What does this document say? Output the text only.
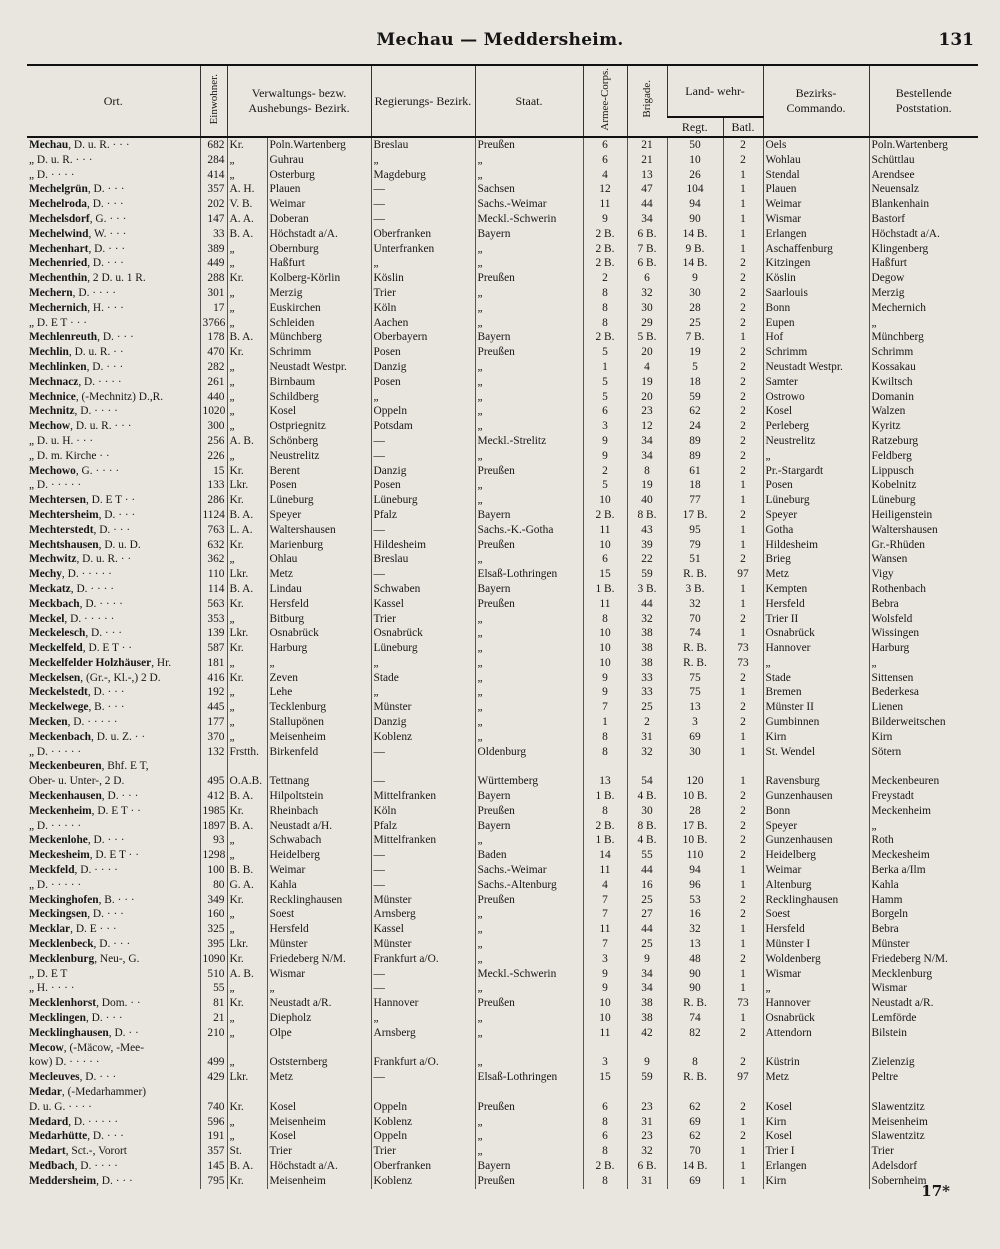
Mechau — Meddersheim.	131
Ort.	Einwohner.	Verwaltungs- bezw. Aushebungs- Bezirk.		Regierungs- Bezirk.	Staat.	Armee-Corps.	Brigade.	Land- wehr-		Bezirks- Commando.	Bestellende Poststation.
								Regt.	Batl.		
Mechau, D. u. R. · · ·	682	Kr.	Poln.Wartenberg	Breslau	Preußen	6	21	50	2	Oels	Poln.Wartenberg
„ D. u. R. · · ·	284	„	Guhrau	„	„	6	21	10	2	Wohlau	Schüttlau
„ D. · · · ·	414	„	Osterburg	Magdeburg	„	4	13	26	1	Stendal	Arendsee
Mechelgrün, D. · · ·	357	A. H.	Plauen	—	Sachsen	12	47	104	1	Plauen	Neuensalz
Mechelroda, D. · · ·	202	V. B.	Weimar	—	Sachs.-Weimar	11	44	94	1	Weimar	Blankenhain
Mechelsdorf, G. · · ·	147	A. A.	Doberan	—	Meckl.-Schwerin	9	34	90	1	Wismar	Bastorf
Mechelwind, W. · · ·	33	B. A.	Höchstadt a/A.	Oberfranken	Bayern	2 B.	6 B.	14 B.	1	Erlangen	Höchstadt a/A.
Mechenhart, D. · · ·	389	„	Obernburg	Unterfranken	„	2 B.	7 B.	9 B.	1	Aschaffenburg	Klingenberg
Mechenried, D. · · ·	449	„	Haßfurt	„	„	2 B.	6 B.	14 B.	2	Kitzingen	Haßfurt
Mechenthin, 2 D. u. 1 R.	288	Kr.	Kolberg-Körlin	Köslin	Preußen	2	6	9	2	Köslin	Degow
Mechern, D. · · · ·	301	„	Merzig	Trier	„	8	32	30	2	Saarlouis	Merzig
Mechernich, H. · · ·	17	„	Euskirchen	Köln	„	8	30	28	2	Bonn	Mechernich
„ D. E T · · ·	3766	„	Schleiden	Aachen	„	8	29	25	2	Eupen	„
Mechlenreuth, D. · · ·	178	B. A.	Münchberg	Oberbayern	Bayern	2 B.	5 B.	7 B.	1	Hof	Münchberg
Mechlin, D. u. R. · ·	470	Kr.	Schrimm	Posen	Preußen	5	20	19	2	Schrimm	Schrimm
Mechlinken, D. · · ·	282	„	Neustadt Westpr.	Danzig	„	1	4	5	2	Neustadt Westpr.	Kossakau
Mechnacz, D. · · · ·	261	„	Birnbaum	Posen	„	5	19	18	2	Samter	Kwiltsch
Mechnice, (-Mechnitz) D.,R.	440	„	Schildberg	„	„	5	20	59	2	Ostrowo	Domanin
Mechnitz, D. · · · ·	1020	„	Kosel	Oppeln	„	6	23	62	2	Kosel	Walzen
Mechow, D. u. R. · · ·	300	„	Ostpriegnitz	Potsdam	„	3	12	24	2	Perleberg	Kyritz
„ D. u. H. · · ·	256	A. B.	Schönberg	—	Meckl.-Strelitz	9	34	89	2	Neustrelitz	Ratzeburg
„ D. m. Kirche · ·	226	„	Neustrelitz	—	„	9	34	89	2	„	Feldberg
Mechowo, G. · · · ·	15	Kr.	Berent	Danzig	Preußen	2	8	61	2	Pr.-Stargardt	Lippusch
„ D. · · · · ·	133	Lkr.	Posen	Posen	„	5	19	18	1	Posen	Kobelnitz
Mechtersen, D. E T · ·	286	Kr.	Lüneburg	Lüneburg	„	10	40	77	1	Lüneburg	Lüneburg
Mechtersheim, D. · · ·	1124	B. A.	Speyer	Pfalz	Bayern	2 B.	8 B.	17 B.	2	Speyer	Heiligenstein
Mechterstedt, D. · · ·	763	L. A.	Waltershausen	—	Sachs.-K.-Gotha	11	43	95	1	Gotha	Waltershausen
Mechtshausen, D. u. D.	632	Kr.	Marienburg	Hildesheim	Preußen	10	39	79	1	Hildesheim	Gr.-Rhüden
Mechwitz, D. u. R. · ·	362	„	Ohlau	Breslau	„	6	22	51	2	Brieg	Wansen
Mechy, D. · · · · ·	110	Lkr.	Metz	—	Elsaß-Lothringen	15	59	R. B.	97	Metz	Vigy
Meckatz, D. · · · ·	114	B. A.	Lindau	Schwaben	Bayern	1 B.	3 B.	3 B.	1	Kempten	Rothenbach
Meckbach, D. · · · ·	563	Kr.	Hersfeld	Kassel	Preußen	11	44	32	1	Hersfeld	Bebra
Meckel, D. · · · · ·	353	„	Bitburg	Trier	„	8	32	70	2	Trier II	Wolsfeld
Meckelesch, D. · · ·	139	Lkr.	Osnabrück	Osnabrück	„	10	38	74	1	Osnabrück	Wissingen
Meckelfeld, D. E T · ·	587	Kr.	Harburg	Lüneburg	„	10	38	R. B.	73	Hannover	Harburg
Meckelfelder Holzhäuser, Hr.	181	„	„	„	„	10	38	R. B.	73	„	„
Meckelsen, (Gr.-, Kl.-,) 2 D.	416	Kr.	Zeven	Stade	„	9	33	75	2	Stade	Sittensen
Meckelstedt, D. · · ·	192	„	Lehe	„	„	9	33	75	1	Bremen	Bederkesa
Meckelwege, B. · · ·	445	„	Tecklenburg	Münster	„	7	25	13	2	Münster II	Lienen
Mecken, D. · · · · ·	177	„	Stallupönen	Danzig	„	1	2	3	2	Gumbinnen	Bilderweitschen
Meckenbach, D. u. Z. · ·	370	„	Meisenheim	Koblenz	„	8	31	69	1	Kirn	Kirn
„ D. · · · · ·	132	Frstth.	Birkenfeld	—	Oldenburg	8	32	30	1	St. Wendel	Sötern
Meckenbeuren, Bhf. E T,											
Ober- u. Unter-, 2 D.	495	O.A.B.	Tettnang	—	Württemberg	13	54	120	1	Ravensburg	Meckenbeuren
Meckenhausen, D. · · ·	412	B. A.	Hilpoltstein	Mittelfranken	Bayern	1 B.	4 B.	10 B.	2	Gunzenhausen	Freystadt
Meckenheim, D. E T · ·	1985	Kr.	Rheinbach	Köln	Preußen	8	30	28	2	Bonn	Meckenheim
„ D. · · · · ·	1897	B. A.	Neustadt a/H.	Pfalz	Bayern	2 B.	8 B.	17 B.	2	Speyer	„
Meckenlohe, D. · · ·	93	„	Schwabach	Mittelfranken	„	1 B.	4 B.	10 B.	2	Gunzenhausen	Roth
Meckesheim, D. E T · ·	1298	„	Heidelberg	—	Baden	14	55	110	2	Heidelberg	Meckesheim
Meckfeld, D. · · · ·	100	B. B.	Weimar	—	Sachs.-Weimar	11	44	94	1	Weimar	Berka a/Ilm
„ D. · · · · ·	80	G. A.	Kahla	—	Sachs.-Altenburg	4	16	96	1	Altenburg	Kahla
Meckinghofen, B. · · ·	349	Kr.	Recklinghausen	Münster	Preußen	7	25	53	2	Recklinghausen	Hamm
Meckingsen, D. · · ·	160	„	Soest	Arnsberg	„	7	27	16	2	Soest	Borgeln
Mecklar, D. E · · ·	325	„	Hersfeld	Kassel	„	11	44	32	1	Hersfeld	Bebra
Mecklenbeck, D. · · ·	395	Lkr.	Münster	Münster	„	7	25	13	1	Münster I	Münster
Mecklenburg, Neu-, G.	1090	Kr.	Friedeberg N/M.	Frankfurt a/O.	„	3	9	48	2	Woldenberg	Friedeberg N/M.
„ D. E T	510	A. B.	Wismar	—	Meckl.-Schwerin	9	34	90	1	Wismar	Mecklenburg
„ H. · · · ·	55	„	„	—	„	9	34	90	1	„	Wismar
Mecklenhorst, Dom. · ·	81	Kr.	Neustadt a/R.	Hannover	Preußen	10	38	R. B.	73	Hannover	Neustadt a/R.
Mecklingen, D. · · ·	21	„	Diepholz	„	„	10	38	74	1	Osnabrück	Lemförde
Mecklinghausen, D. · ·	210	„	Olpe	Arnsberg	„	11	42	82	2	Attendorn	Bilstein
Mecow, (-Mäcow, -Mee-											
kow) D. · · · · ·	499	„	Oststernberg	Frankfurt a/O.	„	3	9	8	2	Küstrin	Zielenzig
Mecleuves, D. · · ·	429	Lkr.	Metz	—	Elsaß-Lothringen	15	59	R. B.	97	Metz	Peltre
Medar, (-Medarhammer)											
D. u. G. · · · ·	740	Kr.	Kosel	Oppeln	Preußen	6	23	62	2	Kosel	Slawentzitz
Medard, D. · · · · ·	596	„	Meisenheim	Koblenz	„	8	31	69	1	Kirn	Meisenheim
Medarhütte, D. · · ·	191	„	Kosel	Oppeln	„	6	23	62	2	Kosel	Slawentzitz
Medart, Sct.-, Vorort	357	St.	Trier	Trier	„	8	32	70	1	Trier I	Trier
Medbach, D. · · · ·	145	B. A.	Höchstadt a/A.	Oberfranken	Bayern	2 B.	6 B.	14 B.	1	Erlangen	Adelsdorf
Meddersheim, D. · · ·	795	Kr.	Meisenheim	Koblenz	Preußen	8	31	69	1	Kirn	Sobernheim
17*
